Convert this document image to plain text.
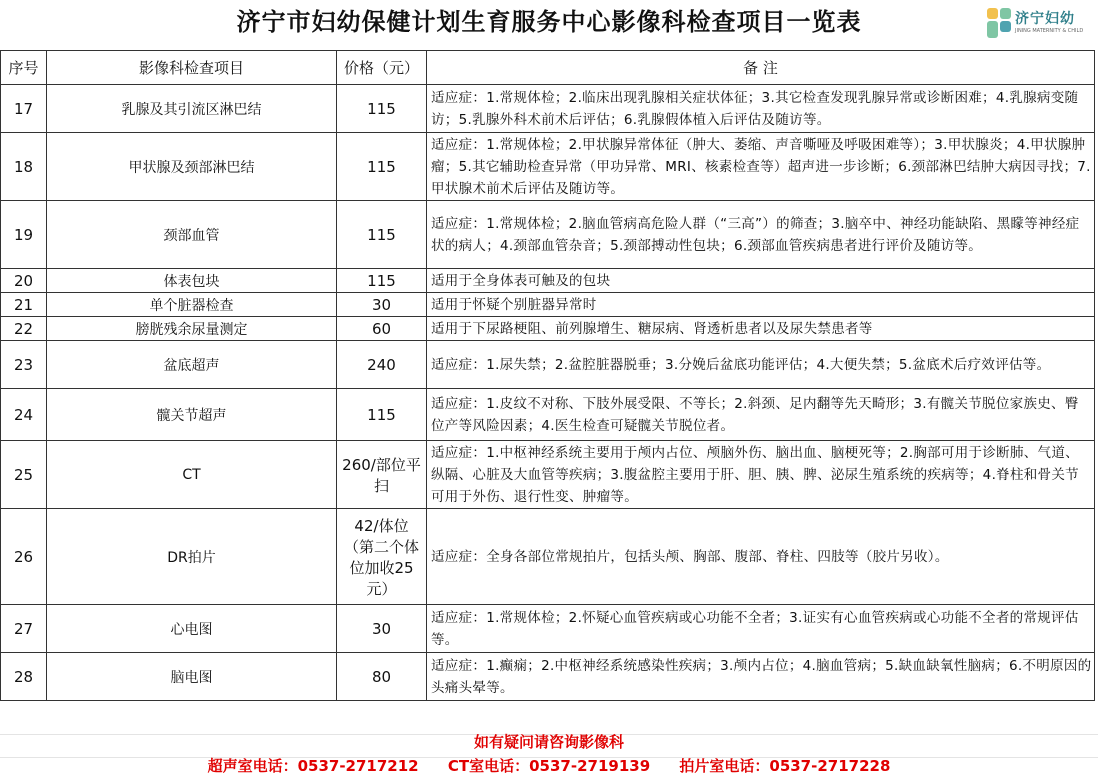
济宁市妇幼保健计划生育服务中心影像科检查项目一览表	济宁妇幼
JINING MATERNITY & CHILD
序号	影像科检查项目	价格（元）	备 注
17	乳腺及其引流区淋巴结	115	适应症：1.常规体检；2.临床出现乳腺相关症状体征；3.其它检查发现乳腺异常或诊断困难；4.乳腺病变随访；5.乳腺外科术前术后评估；6.乳腺假体植入后评估及随访等。
18	甲状腺及颈部淋巴结	115	适应症：1.常规体检；2.甲状腺异常体征（肿大、萎缩、声音嘶哑及呼吸困难等）；3.甲状腺炎；4.甲状腺肿瘤；5.其它辅助检查异常（甲功异常、MRI、核素检查等）超声进一步诊断；6.颈部淋巴结肿大病因寻找；7.甲状腺术前术后评估及随访等。
19	颈部血管	115	适应症：1.常规体检；2.脑血管病高危险人群（“三高”）的筛查；3.脑卒中、神经功能缺陷、黑矇等神经症状的病人；4.颈部血管杂音；5.颈部搏动性包块；6.颈部血管疾病患者进行评价及随访等。
20	体表包块	115	适用于全身体表可触及的包块
21	单个脏器检查	30	适用于怀疑个别脏器异常时
22	膀胱残余尿量测定	60	适用于下尿路梗阻、前列腺增生、糖尿病、肾透析患者以及尿失禁患者等
23	盆底超声	240	适应症：1.尿失禁；2.盆腔脏器脱垂；3.分娩后盆底功能评估；4.大便失禁；5.盆底术后疗效评估等。
24	髋关节超声	115	适应症：1.皮纹不对称、下肢外展受限、不等长；2.斜颈、足内翻等先天畸形；3.有髋关节脱位家族史、臀位产等风险因素；4.医生检查可疑髋关节脱位者。
25	CT	260/部位平扫	适应症：1.中枢神经系统主要用于颅内占位、颅脑外伤、脑出血、脑梗死等；2.胸部可用于诊断肺、气道、纵隔、心脏及大血管等疾病；3.腹盆腔主要用于肝、胆、胰、脾、泌尿生殖系统的疾病等；4.脊柱和骨关节可用于外伤、退行性变、肿瘤等。
26	DR拍片	42/体位（第二个体位加收25元）	适应症：全身各部位常规拍片，包括头颅、胸部、腹部、脊柱、四肢等（胶片另收）。
27	心电图	30	适应症：1.常规体检；2.怀疑心血管疾病或心功能不全者；3.证实有心血管疾病或心功能不全者的常规评估等。
28	脑电图	80	适应症：1.癫痫；2.中枢神经系统感染性疾病；3.颅内占位；4.脑血管病；5.缺血缺氧性脑病；6.不明原因的头痛头晕等。
如有疑问请咨询影像科
超声室电话：0537-2717212 CT室电话：0537-2719139 拍片室电话：0537-2717228
